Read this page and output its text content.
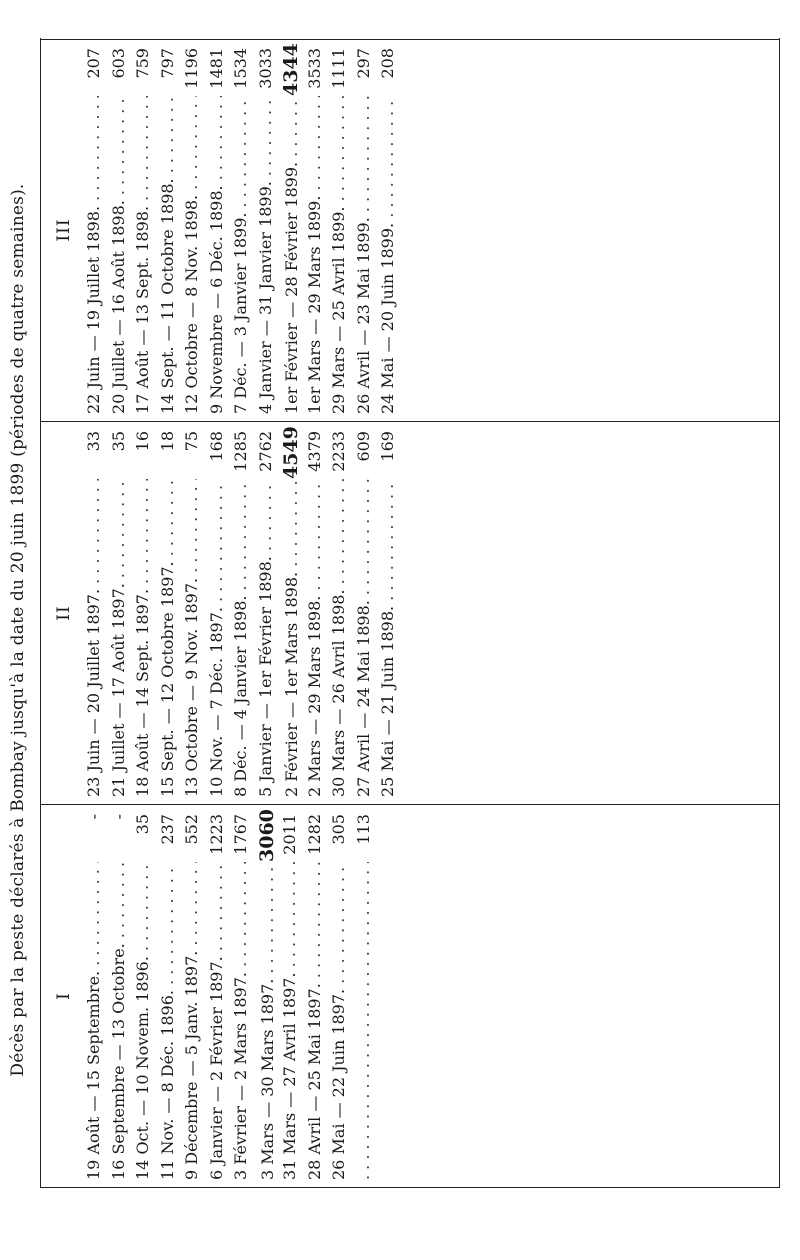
Décès par la peste déclarés à Bombay jusqu'à la date du 20 juin 1899 (périodes de quatre semaines). I 19 Août — 15 Septembre. . . .
-
16 Septembre — 13 Octobre. . . .
-
14 Oct. — 10 Novem. 1896. . . .
35
11 Nov. — 8 Déc. 1896. . . .
237
9 Décembre — 5 Janv. 1897. . . .
552
6 Janvier — 2 Février 1897. . . .
1223
3 Février — 2 Mars 1897. . . .
1767
3 Mars — 30 Mars 1897. . . .
3060
31 Mars — 27 Avril 1897. . . .
2011
28 Avril — 25 Mai 1897. . . .
1282
26 Mai — 22 Juin 1897. . . .
305
. . . 113
II 23 Juin — 20 Juillet 1897. . . .
33
21 Juillet — 17 Août 1897. . . .
35
18 Août — 14 Sept. 1897. . . .
16
15 Sept. — 12 Octobre 1897. . . .
18
13 Octobre — 9 Nov. 1897. . . .
75
10 Nov. — 7 Déc. 1897. . . .
168
8 Déc. — 4 Janvier 1898. . . .
1285
5 Janvier — 1er Février 1898. . . .
2762
2 Février — 1er Mars 1898. . . .
4549
2 Mars — 29 Mars 1898. . . .
4379
30 Mars — 26 Avril 1898. . . .
2233
27 Avril — 24 Mai 1898. . . .
609
25 Mai — 21 Juin 1898. . . .
169
III 22 Juin — 19 Juillet 1898. . . .
207
20 Juillet — 16 Août 1898. . . .
603
17 Août — 13 Sept. 1898. . . .
759
14 Sept. — 11 Octobre 1898. . . .
797
12 Octobre — 8 Nov. 1898. . . .
1196
9 Novembre — 6 Déc. 1898. . . .
1481
7 Déc. — 3 Janvier 1899. . . .
1534
4 Janvier — 31 Janvier 1899. . . .
3033
1er Février — 28 Février 1899. . . .
4344
1er Mars — 29 Mars 1899. . . .
3533
29 Mars — 25 Avril 1899. . . .
1111
26 Avril — 23 Mai 1899. . . .
297
24 Mai — 20 Juin 1899. . . .
208
